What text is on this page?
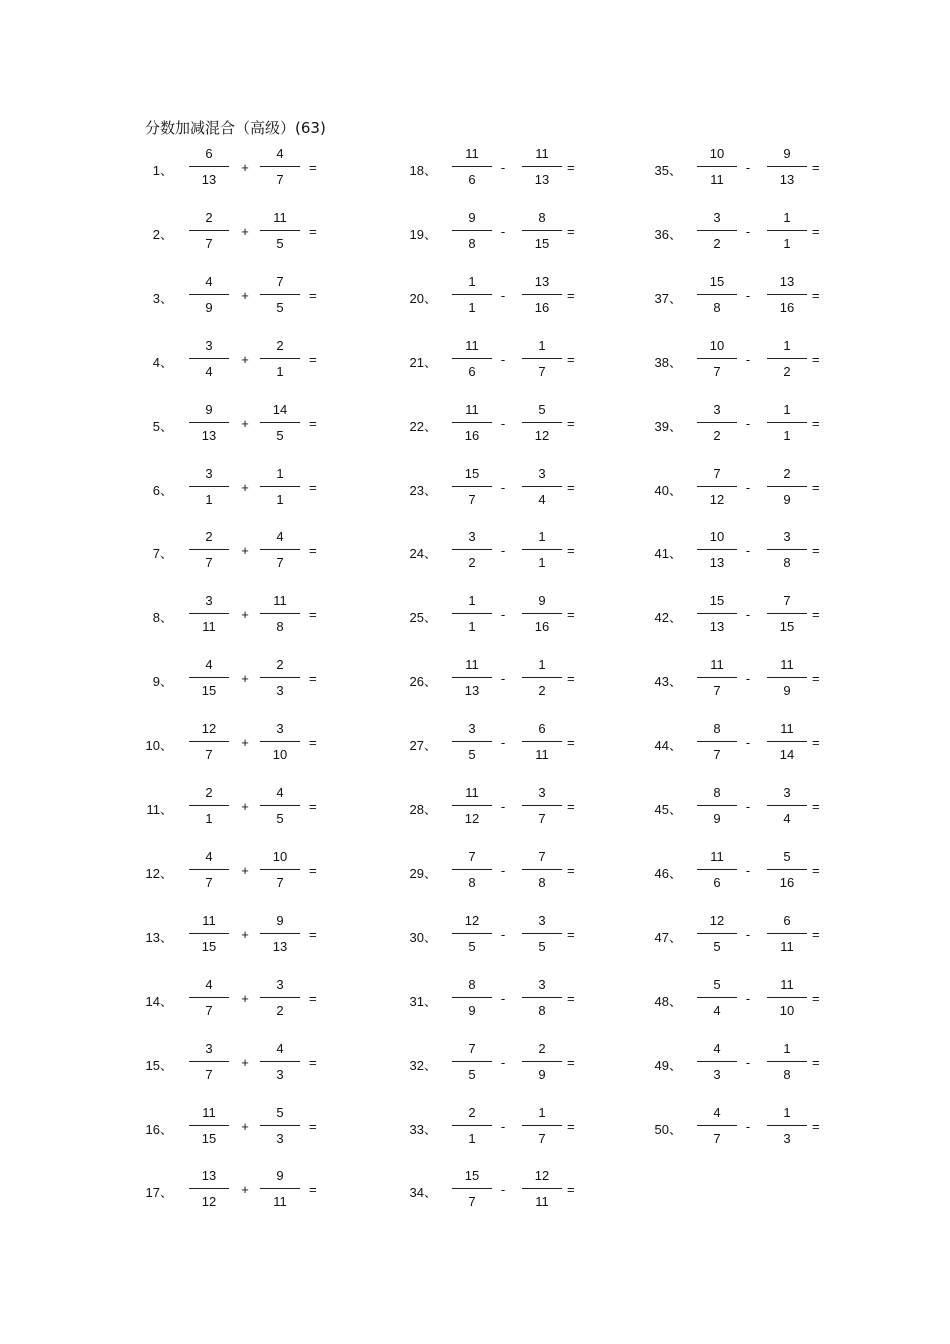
分数加减混合（高级）(63)
1、
6
13
+
4
7
=
2、
2
7
+
11
5
=
3、
4
9
+
7
5
=
4、
3
4
+
2
1
=
5、
9
13
+
14
5
=
6、
3
1
+
1
1
=
7、
2
7
+
4
7
=
8、
3
11
+
11
8
=
9、
4
15
+
2
3
=
10、
12
7
+
3
10
=
11、
2
1
+
4
5
=
12、
4
7
+
10
7
=
13、
11
15
+
9
13
=
14、
4
7
+
3
2
=
15、
3
7
+
4
3
=
16、
11
15
+
5
3
=
17、
13
12
+
9
11
=
18、
11
6
-
11
13
=
19、
9
8
-
8
15
=
20、
1
1
-
13
16
=
21、
11
6
-
1
7
=
22、
11
16
-
5
12
=
23、
15
7
-
3
4
=
24、
3
2
-
1
1
=
25、
1
1
-
9
16
=
26、
11
13
-
1
2
=
27、
3
5
-
6
11
=
28、
11
12
-
3
7
=
29、
7
8
-
7
8
=
30、
12
5
-
3
5
=
31、
8
9
-
3
8
=
32、
7
5
-
2
9
=
33、
2
1
-
1
7
=
34、
15
7
-
12
11
=
35、
10
11
-
9
13
=
36、
3
2
-
1
1
=
37、
15
8
-
13
16
=
38、
10
7
-
1
2
=
39、
3
2
-
1
1
=
40、
7
12
-
2
9
=
41、
10
13
-
3
8
=
42、
15
13
-
7
15
=
43、
11
7
-
11
9
=
44、
8
7
-
11
14
=
45、
8
9
-
3
4
=
46、
11
6
-
5
16
=
47、
12
5
-
6
11
=
48、
5
4
-
11
10
=
49、
4
3
-
1
8
=
50、
4
7
-
1
3
=
